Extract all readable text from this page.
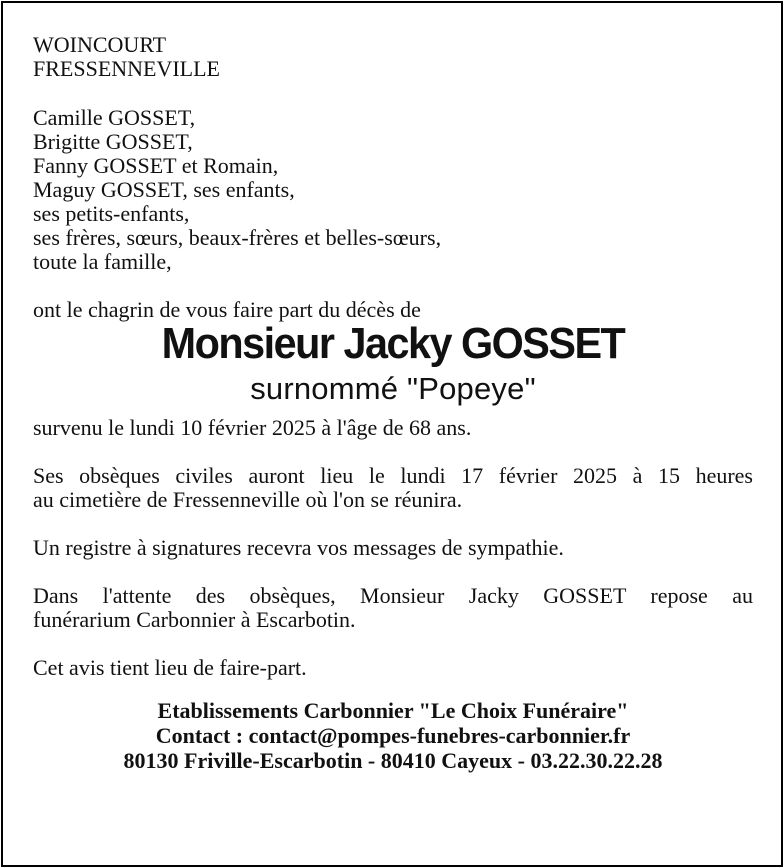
WOINCOURT
FRESSENNEVILLE
Camille GOSSET,
Brigitte GOSSET,
Fanny GOSSET et Romain,
Maguy GOSSET, ses enfants,
ses petits-enfants,
ses frères, sœurs, beaux-frères et belles-sœurs,
toute la famille,
ont le chagrin de vous faire part du décès de
Monsieur Jacky GOSSET
surnommé "Popeye"
survenu le lundi 10 février 2025 à l'âge de 68 ans.
Ses obsèques civiles auront lieu le lundi 17 février 2025 à 15 heures
au cimetière de Fressenneville où l'on se réunira.
Un registre à signatures recevra vos messages de sympathie.
Dans l'attente des obsèques, Monsieur Jacky GOSSET repose au
funérarium Carbonnier à Escarbotin.
Cet avis tient lieu de faire-part.
Etablissements Carbonnier "Le Choix Funéraire"
Contact : contact@pompes-funebres-carbonnier.fr
80130 Friville-Escarbotin - 80410 Cayeux - 03.22.30.22.28
